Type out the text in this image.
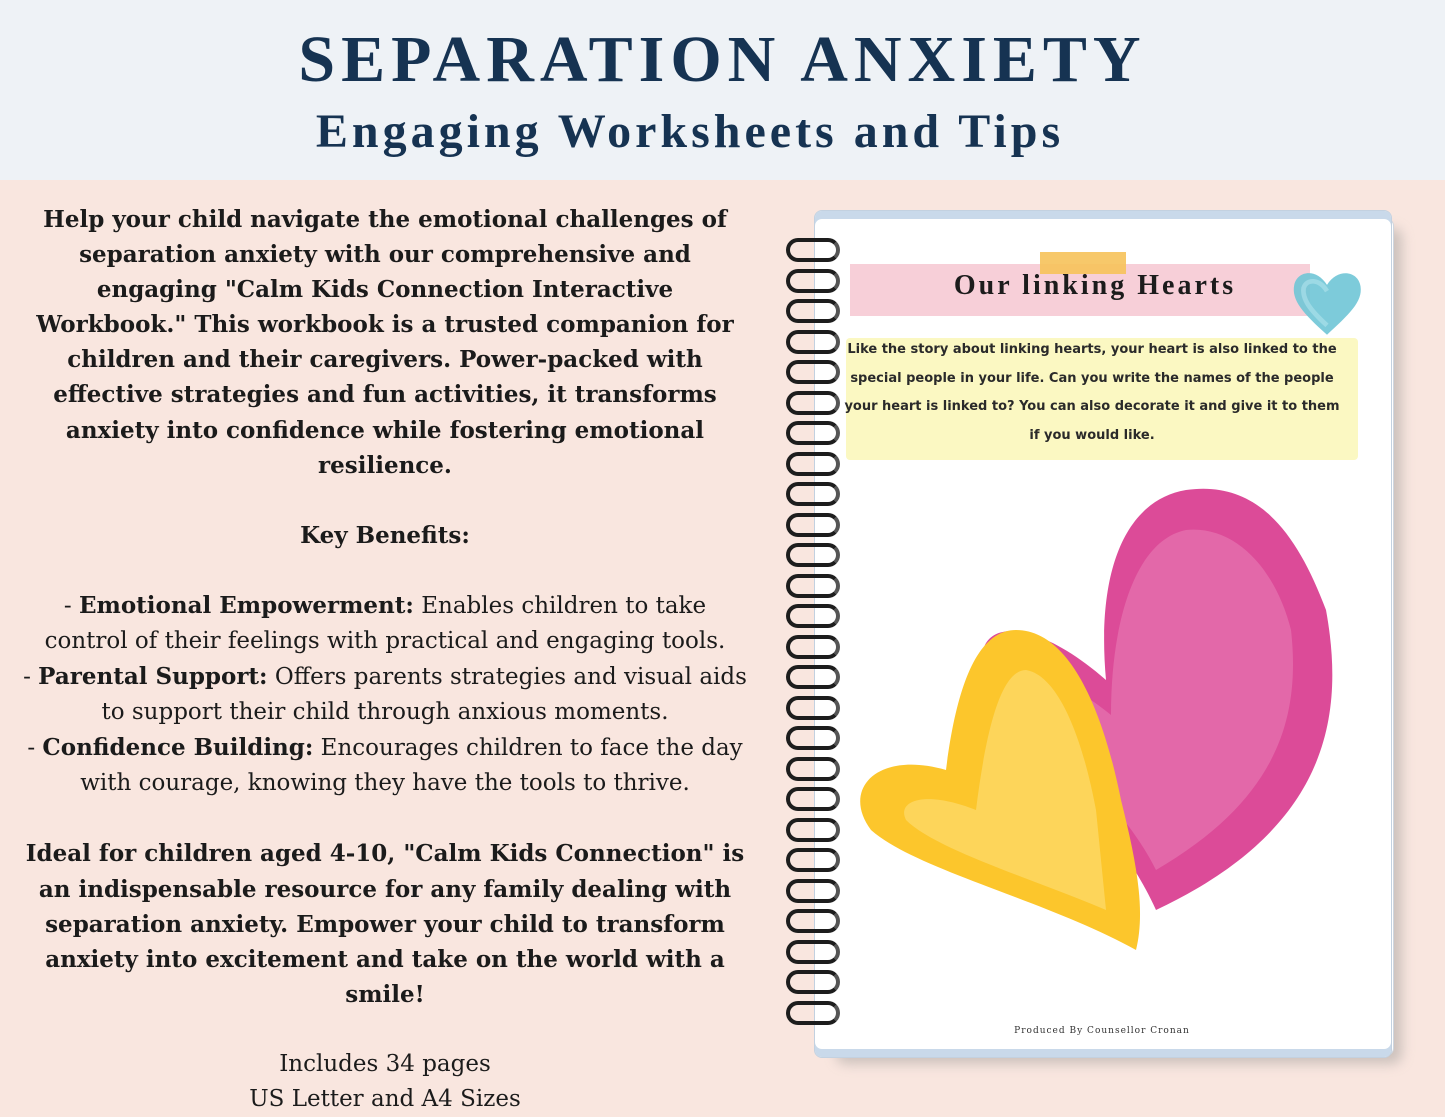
SEPARATION ANXIETY
Engaging Worksheets and Tips

Help your child navigate the emotional challenges of separation anxiety with our comprehensive and engaging "Calm Kids Connection Interactive Workbook." This workbook is a trusted companion for children and their caregivers. Power-packed with effective strategies and fun activities, it transforms anxiety into confidence while fostering emotional resilience.

Key Benefits:

- Emotional Empowerment: Enables children to take control of their feelings with practical and engaging tools.

- Parental Support: Offers parents strategies and visual aids to support their child through anxious moments.

- Confidence Building: Encourages children to face the day with courage, knowing they have the tools to thrive.

Ideal for children aged 4-10, "Calm Kids Connection" is an indispensable resource for any family dealing with separation anxiety. Empower your child to transform anxiety into excitement and take on the world with a smile!

Includes 34 pages

US Letter and A4 Sizes

Our linking Hearts

Like the story about linking hearts, your heart is also linked to the special people in your life. Can you write the names of the people your heart is linked to? You can also decorate it and give it to them if you would like.

Produced By Counsellor Cronan
